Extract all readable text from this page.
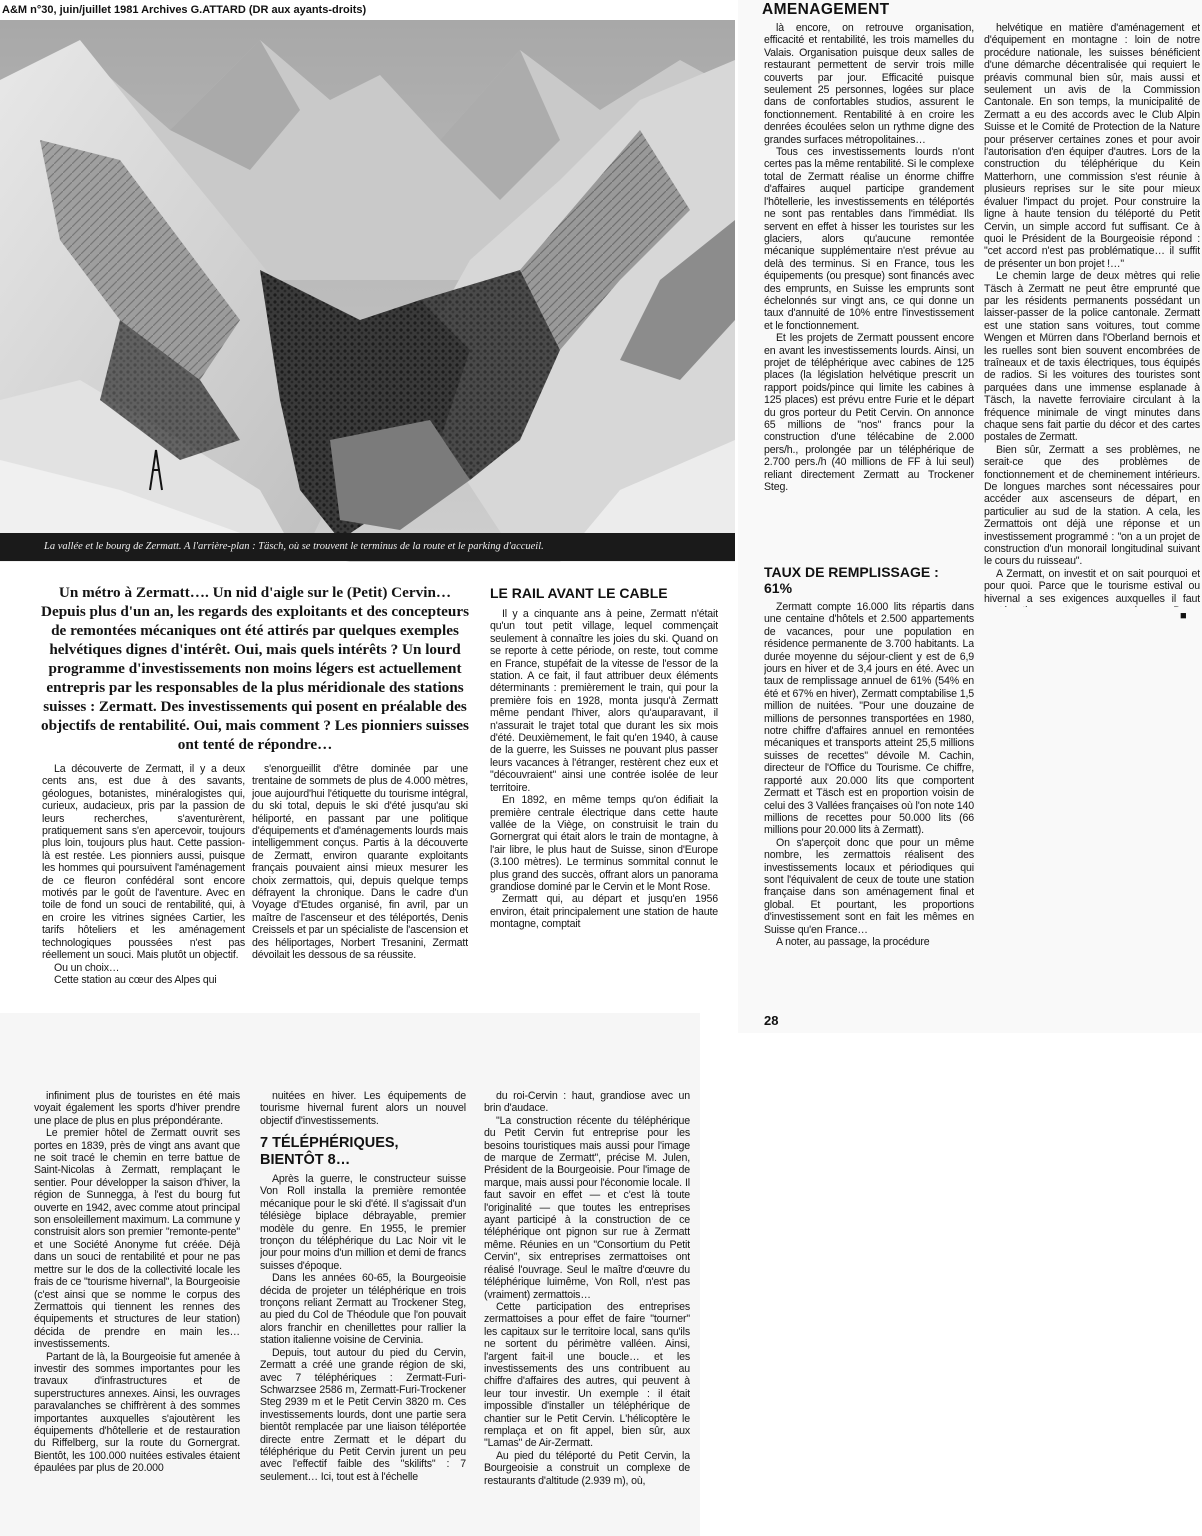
A&M n°30, juin/juillet 1981 Archives G.ATTARD (DR aux ayants-droits)	AMENAGEMENT
La vallée et le bourg de Zermatt. A l'arrière-plan : Täsch, où se trouvent le terminus de la route et le parking d'accueil.
Un métro à Zermatt…. Un nid d'aigle sur le (Petit) Cervin… Depuis plus d'un an, les regards des exploitants et des concepteurs de remontées mécaniques ont été attirés par quelques exemples helvétiques dignes d'intérêt. Oui, mais quels intérêts ? Un lourd programme d'investissements non moins légers est actuellement entrepris par les responsables de la plus méridionale des stations suisses : Zermatt. Des investissements qui posent en préalable des objectifs de rentabilité. Oui, mais comment ? Les pionniers suisses ont tenté de répondre…

La découverte de Zermatt, il y a deux cents ans, est due à des savants, géologues, botanistes, minéralogistes qui, curieux, audacieux, pris par la passion de leurs recherches, s'aventurèrent, pratiquement sans s'en apercevoir, toujours plus loin, toujours plus haut. Cette passion-là est restée. Les pionniers aussi, puisque les hommes qui poursuivent l'aménagement de ce fleuron confédéral sont encore motivés par le goût de l'aventure. Avec en toile de fond un souci de rentabilité, qui, à en croire les vitrines signées Cartier, les tarifs hôteliers et les aménagement technologiques poussées n'est pas réellement un souci. Mais plutôt un objectif.

Ou un choix…

Cette station au cœur des Alpes qui

s'enorgueillit d'être dominée par une trentaine de sommets de plus de 4.000 mètres, joue aujourd'hui l'étiquette du tourisme intégral, du ski total, depuis le ski d'été jusqu'au ski héliporté, en passant par une politique d'équipements et d'aménagements lourds mais intelligemment conçus. Partis à la découverte de Zermatt, environ quarante exploitants français pouvaient ainsi mieux mesurer les choix zermattois, qui, depuis quelque temps défrayent la chronique. Dans le cadre d'un Voyage d'Etudes organisé, fin avril, par un maître de l'ascenseur et des téléportés, Denis Creissels et par un spécialiste de l'ascension et des héliportages, Norbert Tresanini, Zermatt dévoilait les dessous de sa réussite.

LE RAIL AVANT LE CABLE

Il y a cinquante ans à peine, Zermatt n'était qu'un tout petit village, lequel commençait seulement à connaître les joies du ski. Quand on se reporte à cette période, on reste, tout comme en France, stupéfait de la vitesse de l'essor de la station. A ce fait, il faut attribuer deux éléments déterminants : premièrement le train, qui pour la première fois en 1928, monta jusqu'à Zermatt même pendant l'hiver, alors qu'auparavant, il n'assurait le trajet total que durant les six mois d'été. Deuxièmement, le fait qu'en 1940, à cause de la guerre, les Suisses ne pouvant plus passer leurs vacances à l'étranger, restèrent chez eux et "découvraient" ainsi une contrée isolée de leur territoire.

En 1892, en même temps qu'on édifiait la première centrale électrique dans cette haute vallée de la Viège, on construisit le train du Gornergrat qui était alors le train de montagne, à l'air libre, le plus haut de Suisse, sinon d'Europe (3.100 mètres). Le terminus sommital connut le plus grand des succès, offrant alors un panorama grandiose dominé par le Cervin et le Mont Rose.

Zermatt qui, au départ et jusqu'en 1956 environ, était principalement une station de haute montagne, comptait

là encore, on retrouve organisation, efficacité et rentabilité, les trois mamelles du Valais. Organisation puisque deux salles de restaurant permettent de servir trois mille couverts par jour. Efficacité puisque seulement 25 personnes, logées sur place dans de confortables studios, assurent le fonctionnement. Rentabilité à en croire les denrées écoulées selon un rythme digne des grandes surfaces métropolitaines…

Tous ces investissements lourds n'ont certes pas la même rentabilité. Si le complexe total de Zermatt réalise un énorme chiffre d'affaires auquel participe grandement l'hôtellerie, les investissements en téléportés ne sont pas rentables dans l'immédiat. Ils servent en effet à hisser les touristes sur les glaciers, alors qu'aucune remontée mécanique supplémentaire n'est prévue au delà des terminus. Si en France, tous les équipements (ou presque) sont financés avec des emprunts, en Suisse les emprunts sont échelonnés sur vingt ans, ce qui donne un taux d'annuité de 10% entre l'investissement et le fonctionnement.

Et les projets de Zermatt poussent encore en avant les investissements lourds. Ainsi, un projet de téléphérique avec cabines de 125 places (la législation helvétique prescrit un rapport poids/pince qui limite les cabines à 125 places) est prévu entre Furie et le départ du gros porteur du Petit Cervin. On annonce 65 millions de "nos" francs pour la construction d'une télécabine de 2.000 pers/h., prolongée par un téléphérique de 2.700 pers./h (40 millions de FF à lui seul) reliant directement Zermatt au Trockener Steg.

TAUX DE REMPLISSAGE : 61%

Zermatt compte 16.000 lits répartis dans une centaine d'hôtels et 2.500 appartements de vacances, pour une population en résidence permanente de 3.700 habitants. La durée moyenne du séjour-client y est de 6,9 jours en hiver et de 3,4 jours en été. Avec un taux de remplissage annuel de 61% (54% en été et 67% en hiver), Zermatt comptabilise 1,5 million de nuitées. "Pour une douzaine de millions de personnes transportées en 1980, notre chiffre d'affaires annuel en remontées mécaniques et transports atteint 25,5 millions suisses de recettes" dévoile M. Cachin, directeur de l'Office du Tourisme. Ce chiffre, rapporté aux 20.000 lits que comportent Zermatt et Täsch est en proportion voisin de celui des 3 Vallées françaises où l'on note 140 millions de recettes pour 50.000 lits (66 millions pour 20.000 lits à Zermatt).

On s'aperçoit donc que pour un même nombre, les zermattois réalisent des investissements locaux et périodiques qui sont l'équivalent de ceux de toute une station française dans son aménagement final et global. Et pourtant, les proportions d'investissement sont en fait les mêmes en Suisse qu'en France…

A noter, au passage, la procédure

28

helvétique en matière d'aménagement et d'équipement en montagne : loin de notre procédure nationale, les suisses bénéficient d'une démarche décentralisée qui requiert le préavis communal bien sûr, mais aussi et seulement un avis de la Commission Cantonale. En son temps, la municipalité de Zermatt a eu des accords avec le Club Alpin Suisse et le Comité de Protection de la Nature pour préserver certaines zones et pour avoir l'autorisation d'en équiper d'autres. Lors de la construction du téléphérique du Kein Matterhorn, une commission s'est réunie à plusieurs reprises sur le site pour mieux évaluer l'impact du projet. Pour construire la ligne à haute tension du téléporté du Petit Cervin, un simple accord fut suffisant. Ce à quoi le Président de la Bourgeoisie répond : "cet accord n'est pas problématique… il suffit de présenter un bon projet !…"

Le chemin large de deux mètres qui relie Täsch à Zermatt ne peut être emprunté que par les résidents permanents possédant un laisser-passer de la police cantonale. Zermatt est une station sans voitures, tout comme Wengen et Mürren dans l'Oberland bernois et les ruelles sont bien souvent encombrées de traîneaux et de taxis électriques, tous équipés de radios. Si les voitures des touristes sont parquées dans une immense esplanade à Täsch, la navette ferroviaire circulant à la fréquence minimale de vingt minutes dans chaque sens fait partie du décor et des cartes postales de Zermatt.

Bien sûr, Zermatt a ses problèmes, ne serait-ce que des problèmes de fonctionnement et de cheminement intérieurs. De longues marches sont nécessaires pour accéder aux ascenseurs de départ, en particulier au sud de la station. A cela, les Zermattois ont déjà une réponse et un investissement programmé : "on a un projet de construction d'un monorail longitudinal suivant le cours du ruisseau".

A Zermatt, on investit et on sait pourquoi et pour quoi. Parce que le tourisme estival ou hivernal a ses exigences auxquelles il faut

■

infiniment plus de touristes en été mais voyait également les sports d'hiver prendre une place de plus en plus prépondérante.

Le premier hôtel de Zermatt ouvrit ses portes en 1839, près de vingt ans avant que ne soit tracé le chemin en terre battue de Saint-Nicolas à Zermatt, remplaçant le sentier. Pour développer la saison d'hiver, la région de Sunnegga, à l'est du bourg fut ouverte en 1942, avec comme atout principal son ensoleillement maximum. La commune y construisit alors son premier "remonte-pente" et une Société Anonyme fut créée. Déjà dans un souci de rentabilité et pour ne pas mettre sur le dos de la collectivité locale les frais de ce "tourisme hivernal", la Bourgeoisie (c'est ainsi que se nomme le corpus des Zermattois qui tiennent les rennes des équipements et structures de leur station) décida de prendre en main les… investissements.

Partant de là, la Bourgeoisie fut amenée à investir des sommes importantes pour les travaux d'infrastructures et de superstructures annexes. Ainsi, les ouvrages paravalanches se chiffrèrent à des sommes importantes auxquelles s'ajoutèrent les équipements d'hôtellerie et de restauration du Riffelberg, sur la route du Gornergrat. Bientôt, les 100.000 nuitées estivales étaient épaulées par plus de 20.000

nuitées en hiver. Les équipements de tourisme hivernal furent alors un nouvel objectif d'investissements.

7 TÉLÉPHÉRIQUES, BIENTÔT 8…

Après la guerre, le constructeur suisse Von Roll installa la première remontée mécanique pour le ski d'été. Il s'agissait d'un télésiège biplace débrayable, premier modèle du genre. En 1955, le premier tronçon du téléphérique du Lac Noir vit le jour pour moins d'un million et demi de francs suisses d'époque.

Dans les années 60-65, la Bourgeoisie décida de projeter un téléphérique en trois tronçons reliant Zermatt au Trockener Steg, au pied du Col de Théodule que l'on pouvait alors franchir en chenillettes pour rallier la station italienne voisine de Cervinia.

Depuis, tout autour du pied du Cervin, Zermatt a créé une grande région de ski, avec 7 téléphériques : Zermatt-Furi-Schwarzsee 2586 m, Zermatt-Furi-Trockener Steg 2939 m et le Petit Cervin 3820 m. Ces investissements lourds, dont une partie sera bientôt remplacée par une liaison téléportée directe entre Zermatt et le départ du téléphérique du Petit Cervin jurent un peu avec l'effectif faible des "skilifts" : 7 seulement… Ici, tout est à l'échelle

du roi-Cervin : haut, grandiose avec un brin d'audace.

"La construction récente du téléphérique du Petit Cervin fut entreprise pour les besoins touristiques mais aussi pour l'image de marque de Zermatt", précise M. Julen, Président de la Bourgeoisie. Pour l'image de marque, mais aussi pour l'économie locale. Il faut savoir en effet — et c'est là toute l'originalité — que toutes les entreprises ayant participé à la construction de ce téléphérique ont pignon sur rue à Zermatt même. Réunies en un "Consortium du Petit Cervin", six entreprises zermattoises ont réalisé l'ouvrage. Seul le maître d'œuvre du téléphérique luimême, Von Roll, n'est pas (vraiment) zermattois…

Cette participation des entreprises zermattoises a pour effet de faire "tourner" les capitaux sur le territoire local, sans qu'ils ne sortent du périmètre valléen. Ainsi, l'argent fait-il une boucle… et les investissements des uns contribuent au chiffre d'affaires des autres, qui peuvent à leur tour investir. Un exemple : il était impossible d'installer un téléphérique de chantier sur le Petit Cervin. L'hélicoptère le remplaça et on fit appel, bien sûr, aux "Lamas" de Air-Zermatt.

Au pied du téléporté du Petit Cervin, la Bourgeoisie a construit un complexe de restaurants d'altitude (2.939 m), où,
